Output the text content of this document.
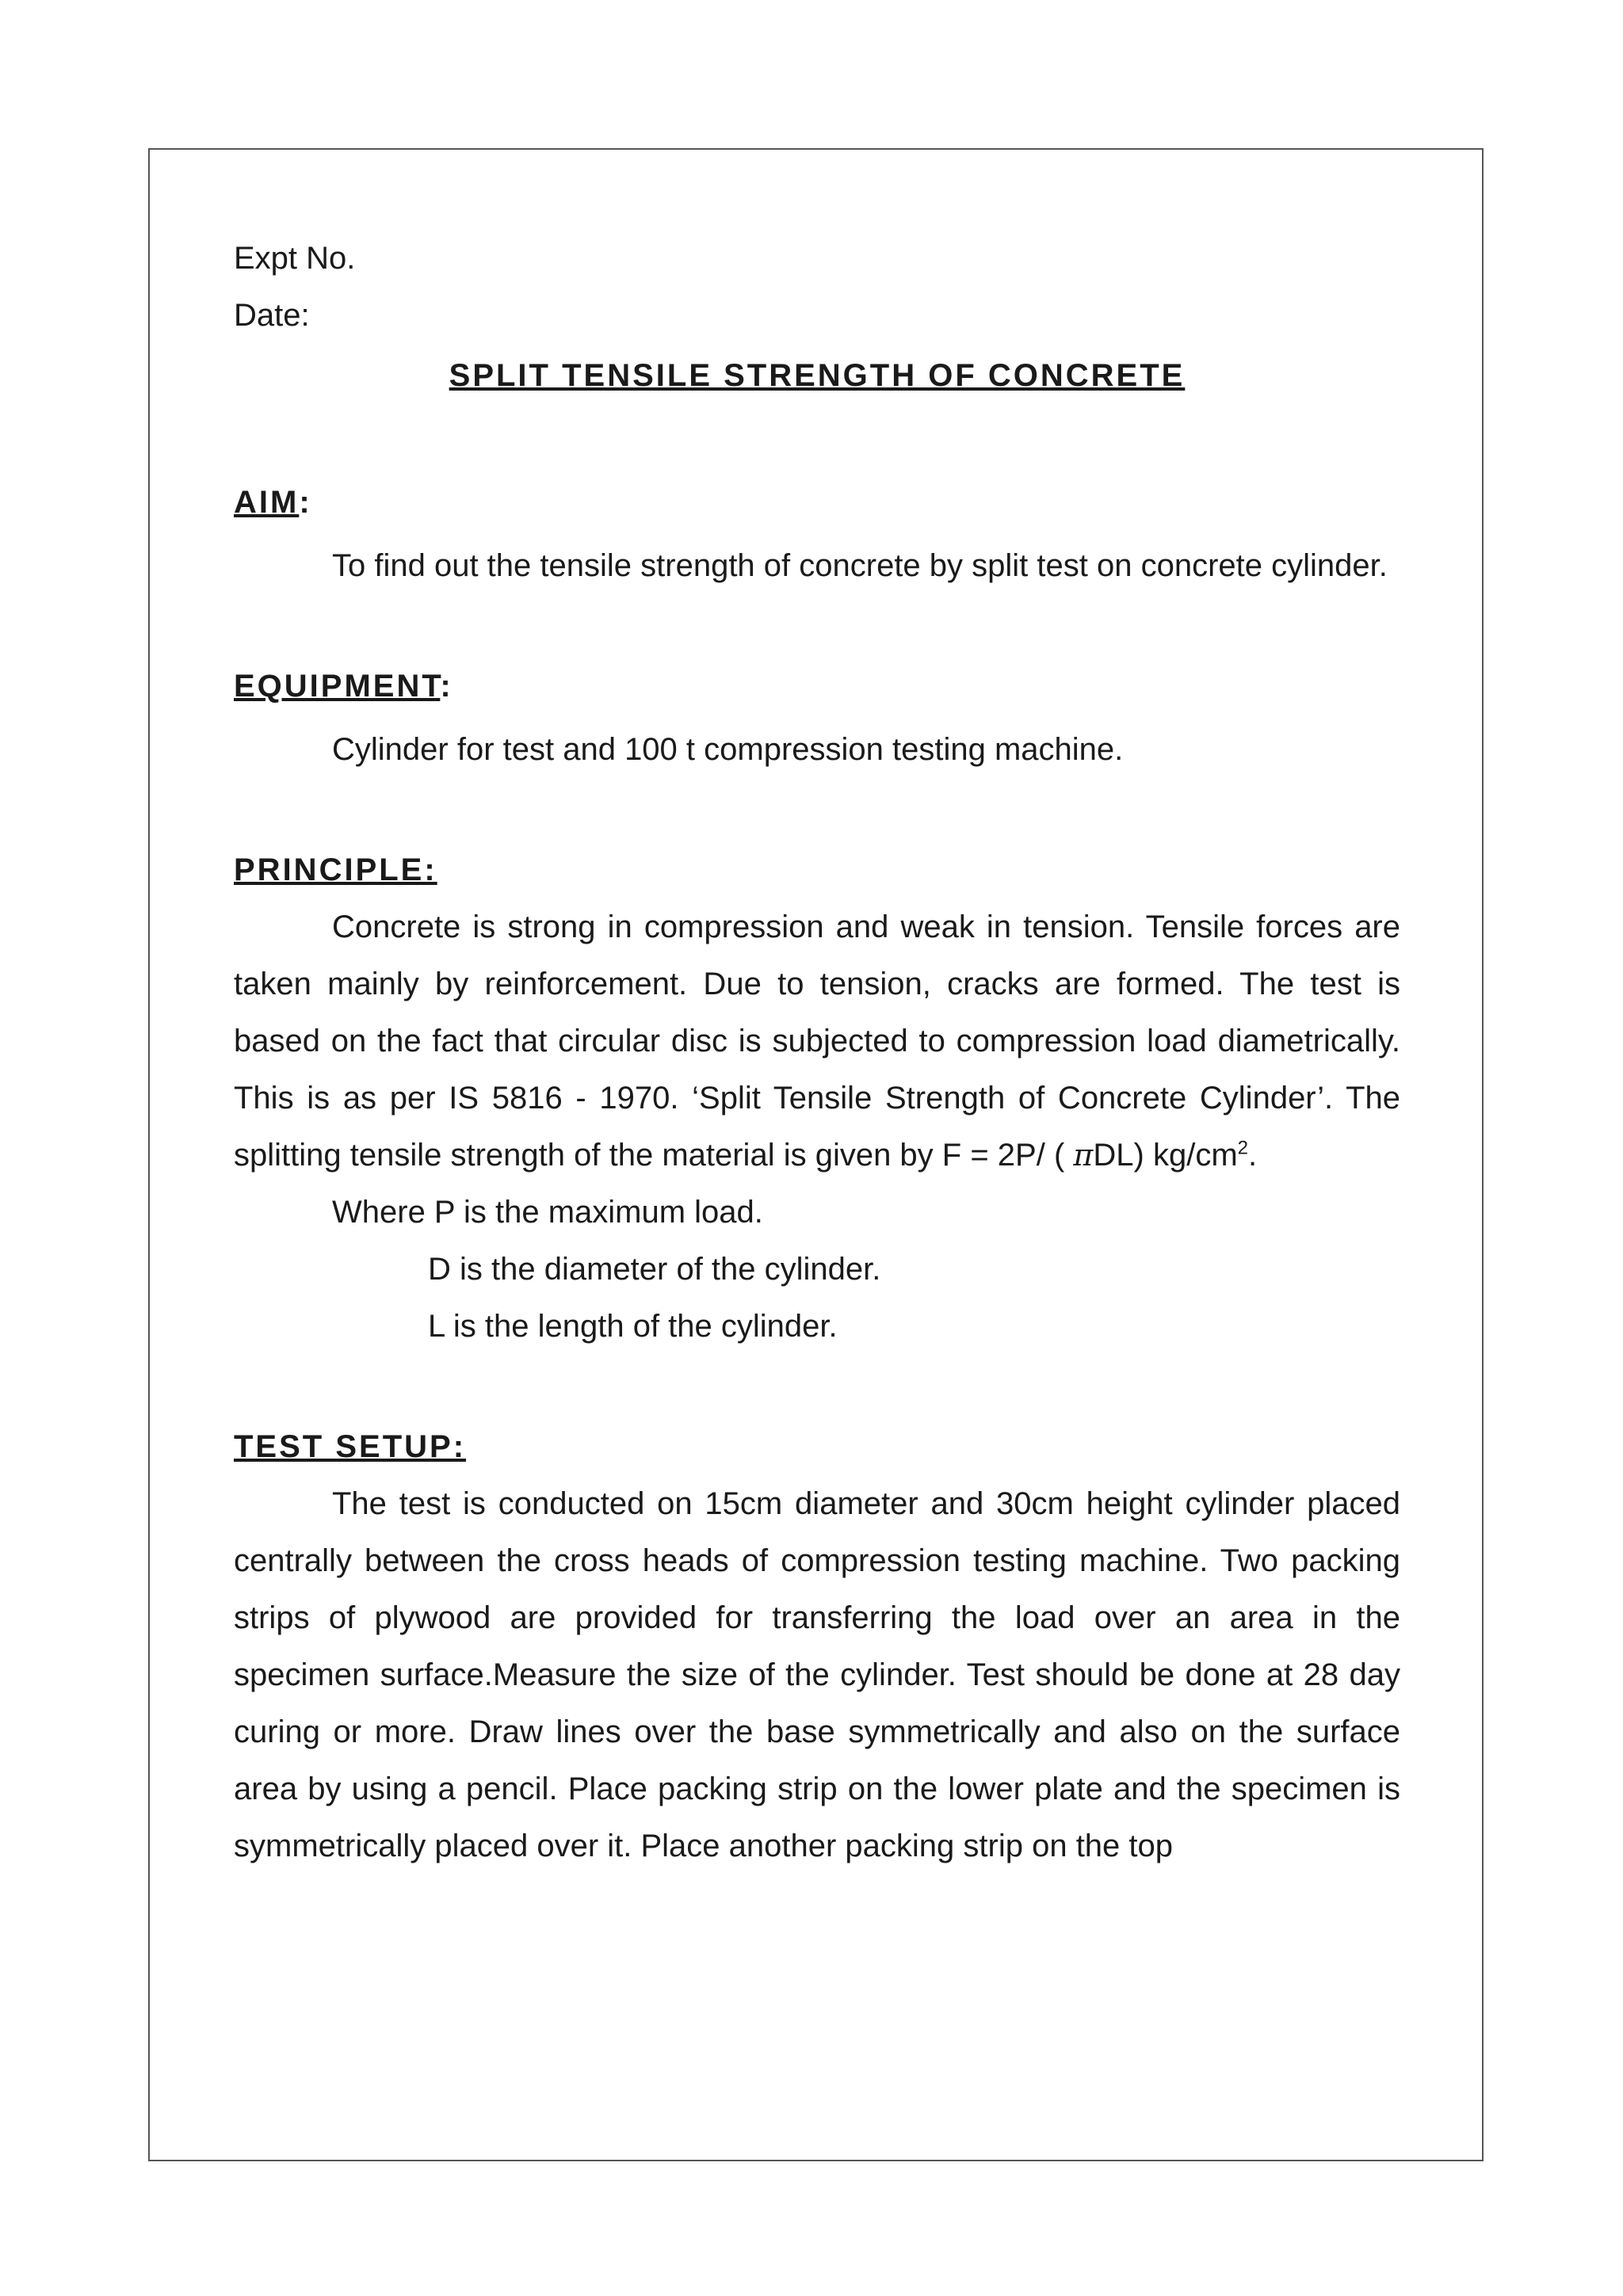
Expt No.

Date:

SPLIT TENSILE STRENGTH OF CONCRETE

AIM:

To find out the tensile strength of concrete by split test on concrete cylinder.

EQUIPMENT:

Cylinder for test and 100 t compression testing machine.

PRINCIPLE:

Concrete is strong in compression and weak in tension. Tensile forces are taken mainly by reinforcement. Due to tension, cracks are formed. The test is based on the fact that circular disc is subjected to compression load diametrically. This is as per IS 5816 - 1970. ‘Split Tensile Strength of Concrete Cylinder’. The splitting tensile strength of the material is given by F = 2P/ ( πDL) $kg/cm^2$.

Where P is the maximum load.

D is the diameter of the cylinder.

L is the length of the cylinder.

TEST SETUP:

The test is conducted on 15cm diameter and 30cm height cylinder placed centrally between the cross heads of compression testing machine. Two packing strips of plywood are provided for transferring the load over an area in the specimen surface.Measure the size of the cylinder. Test should be done at 28 day curing or more. Draw lines over the base symmetrically and also on the surface area by using a pencil. Place packing strip on the lower plate and the specimen is symmetrically placed over it. Place another packing strip on the top
